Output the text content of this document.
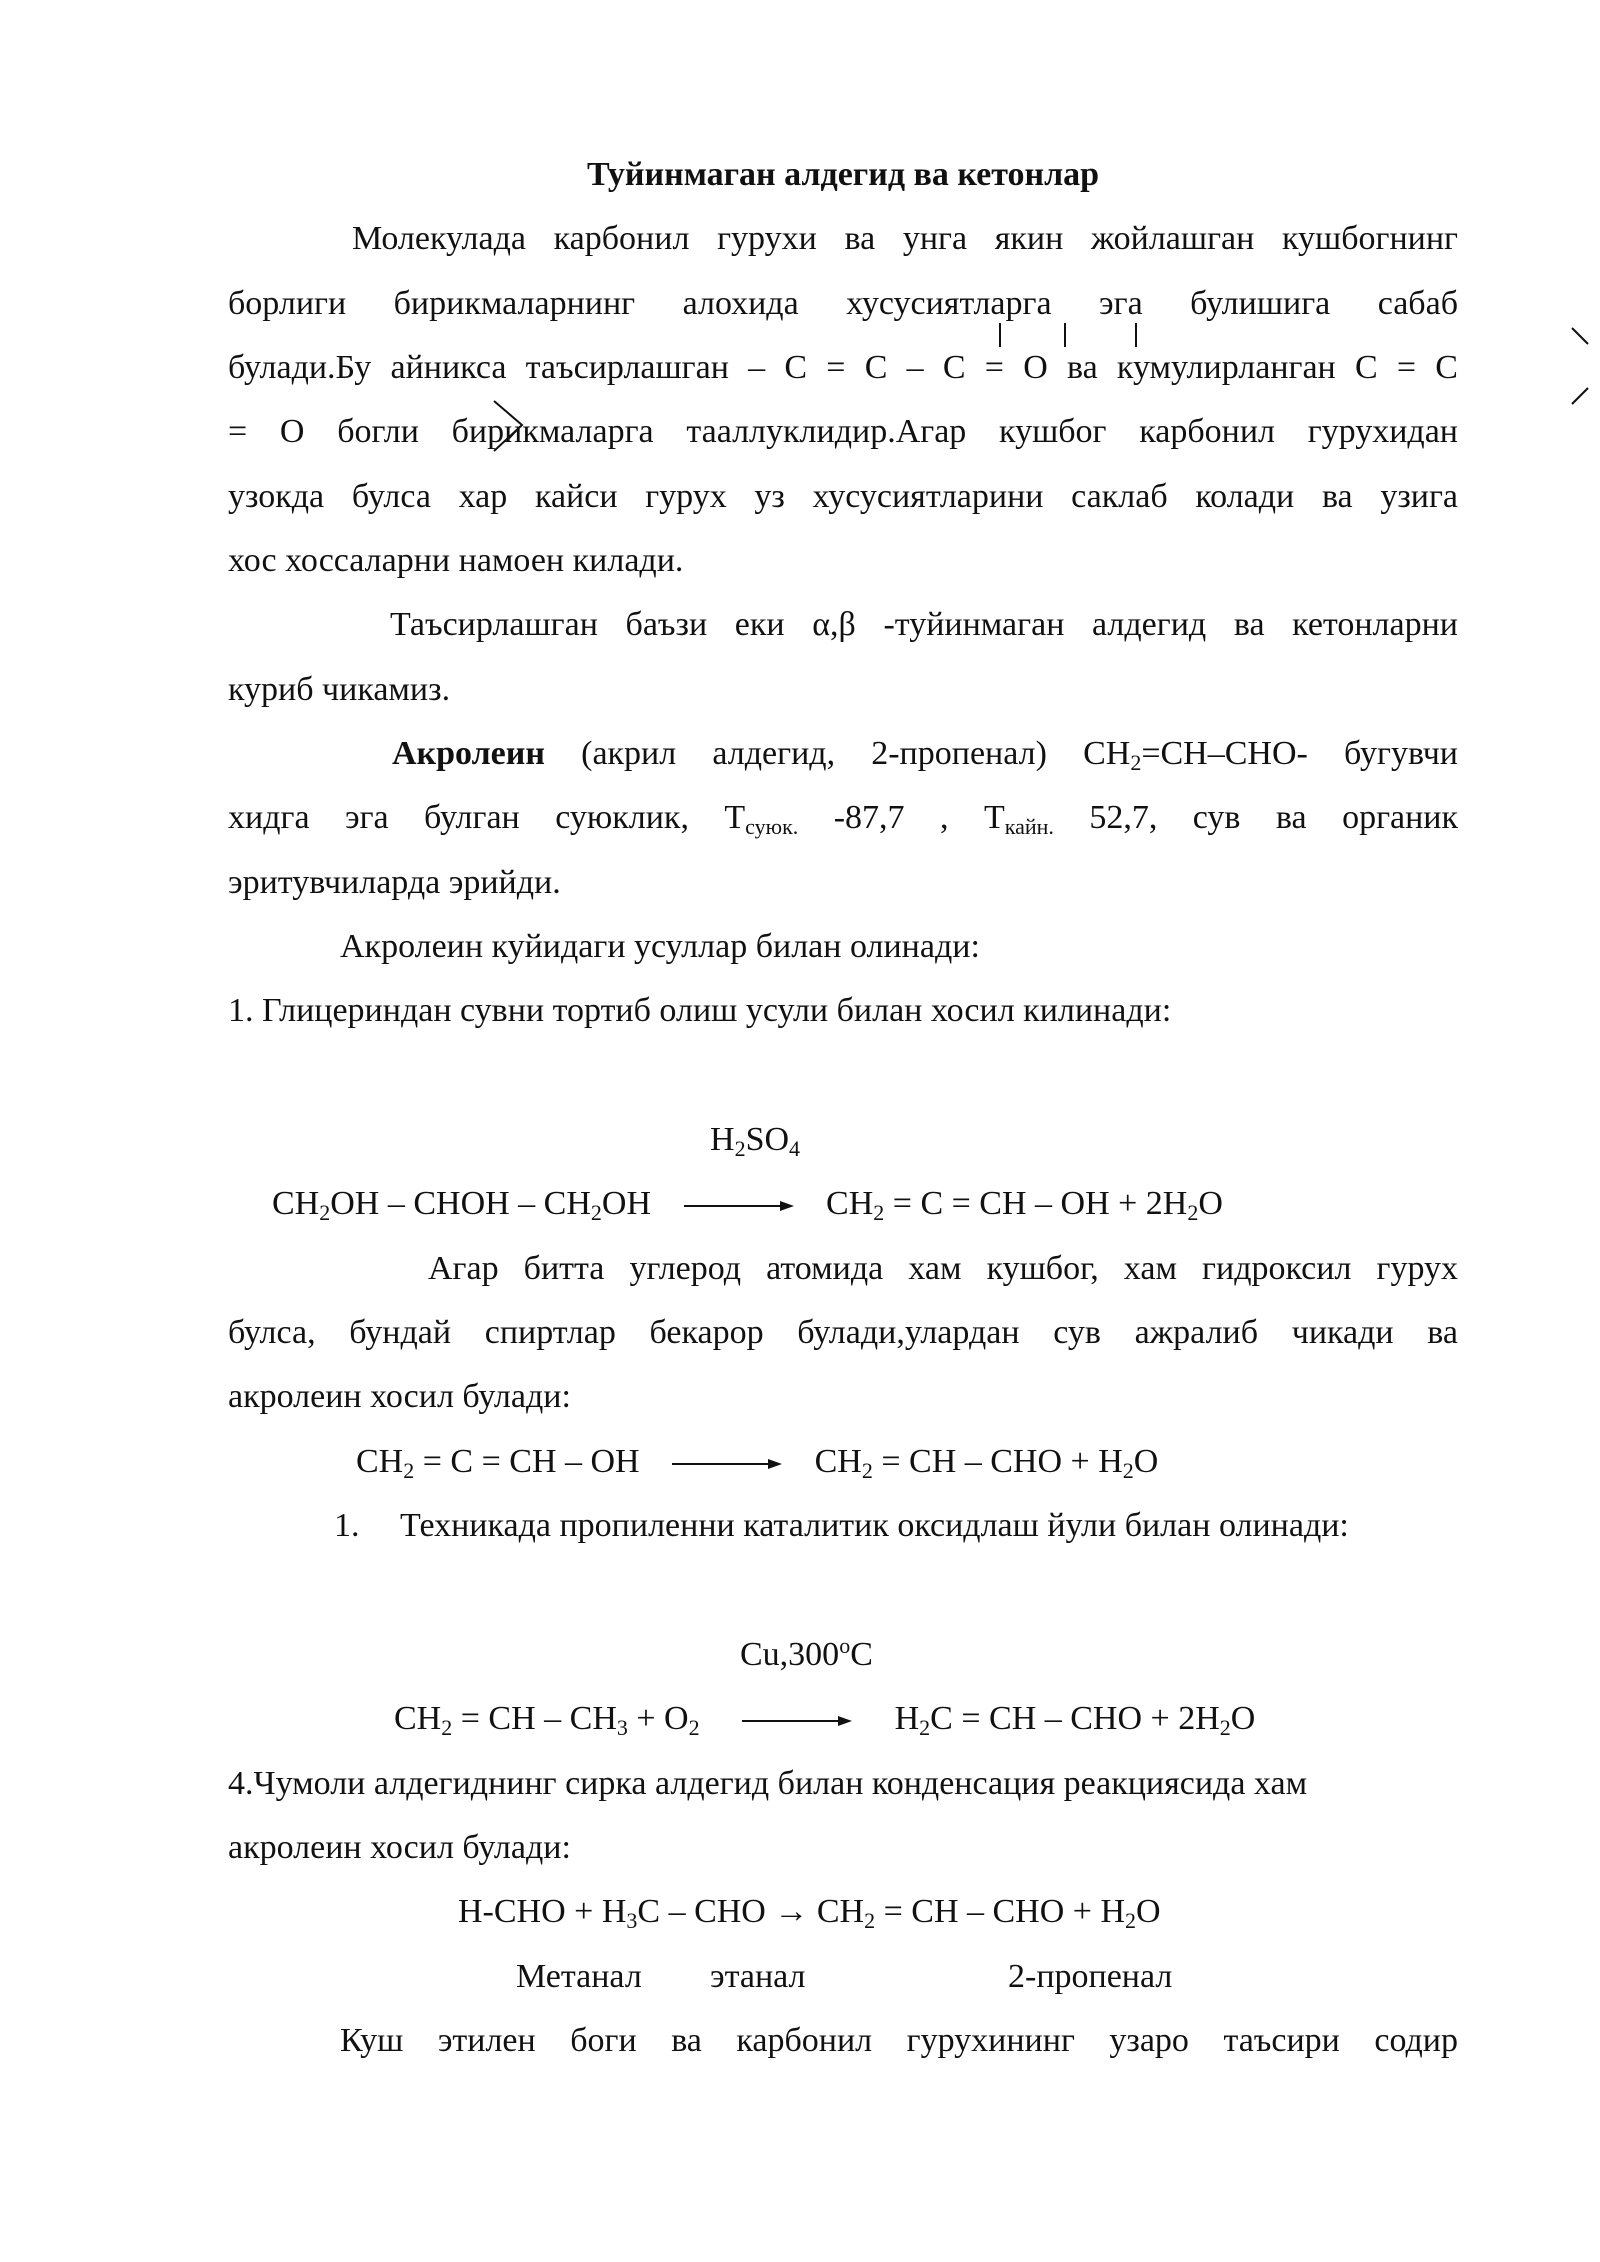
Туйинмаган алдегид ва кетонлар
Молекулада карбонил гурухи ва унга якин жойлашган кушбогнинг
борлиги бирикмаларнинг алохида хусусиятларга эга булишига сабаб
булади.Бу айникса таъсирлашган – С = С – С = О ва кумулирланган С = С
= О богли бирикмаларга тааллуклидир.Агар кушбог карбонил гурухидан
узокда булса хар кайси гурух уз хусусиятларини саклаб колади ва узига
хос хоссаларни намоен килади.
Таъсирлашган баъзи еки α,β -туйинмаган алдегид ва кетонларни
куриб чикамиз.
Акролеин (акрил алдегид, 2-пропенал) $CH_2=CH-CHO-$ бугувчи
хидга эга булган суюклик, $T_{суюк.}$ -87,7 , $T_{кайн.}$ 52,7, сув ва органик
эритувчиларда эрийди.
Акролеин куйидаги усуллар билан олинади:
1. Глицериндан сувни тортиб олиш усули билан хосил килинади:
$H_2SO_4$
$CH_2OH$ – CHOH – $CH_2OH \to CH_2 = C$ = CH – OH + $2H_2O$
Агар битта углерод атомида хам кушбог, хам гидроксил гурух
булса, бундай спиртлар бекарор булади,улардан сув ажралиб чикади ва
акролеин хосил булади:
$CH_2 = C$ = CH – OH → $CH_2$ = CH – CHO + $H_2O$
1.	Техникада пропиленни каталитик оксидлаш йули билан олинади:
Cu,300$^o$C
$CH_2$ = CH – $CH_3 + O_2 \to H_2C$ = CH – CHO + $2H_2O$
4.Чумоли алдегиднинг сирка алдегид билан конденсация реакциясида хам
акролеин хосил булади:
$H-CHO + H_3C$ – CHO → $CH_2$ = CH – CHO + $H_2O$
Метанал	этанал	2-пропенал
Куш этилен боги ва карбонил гурухининг узаро таъсири содир
